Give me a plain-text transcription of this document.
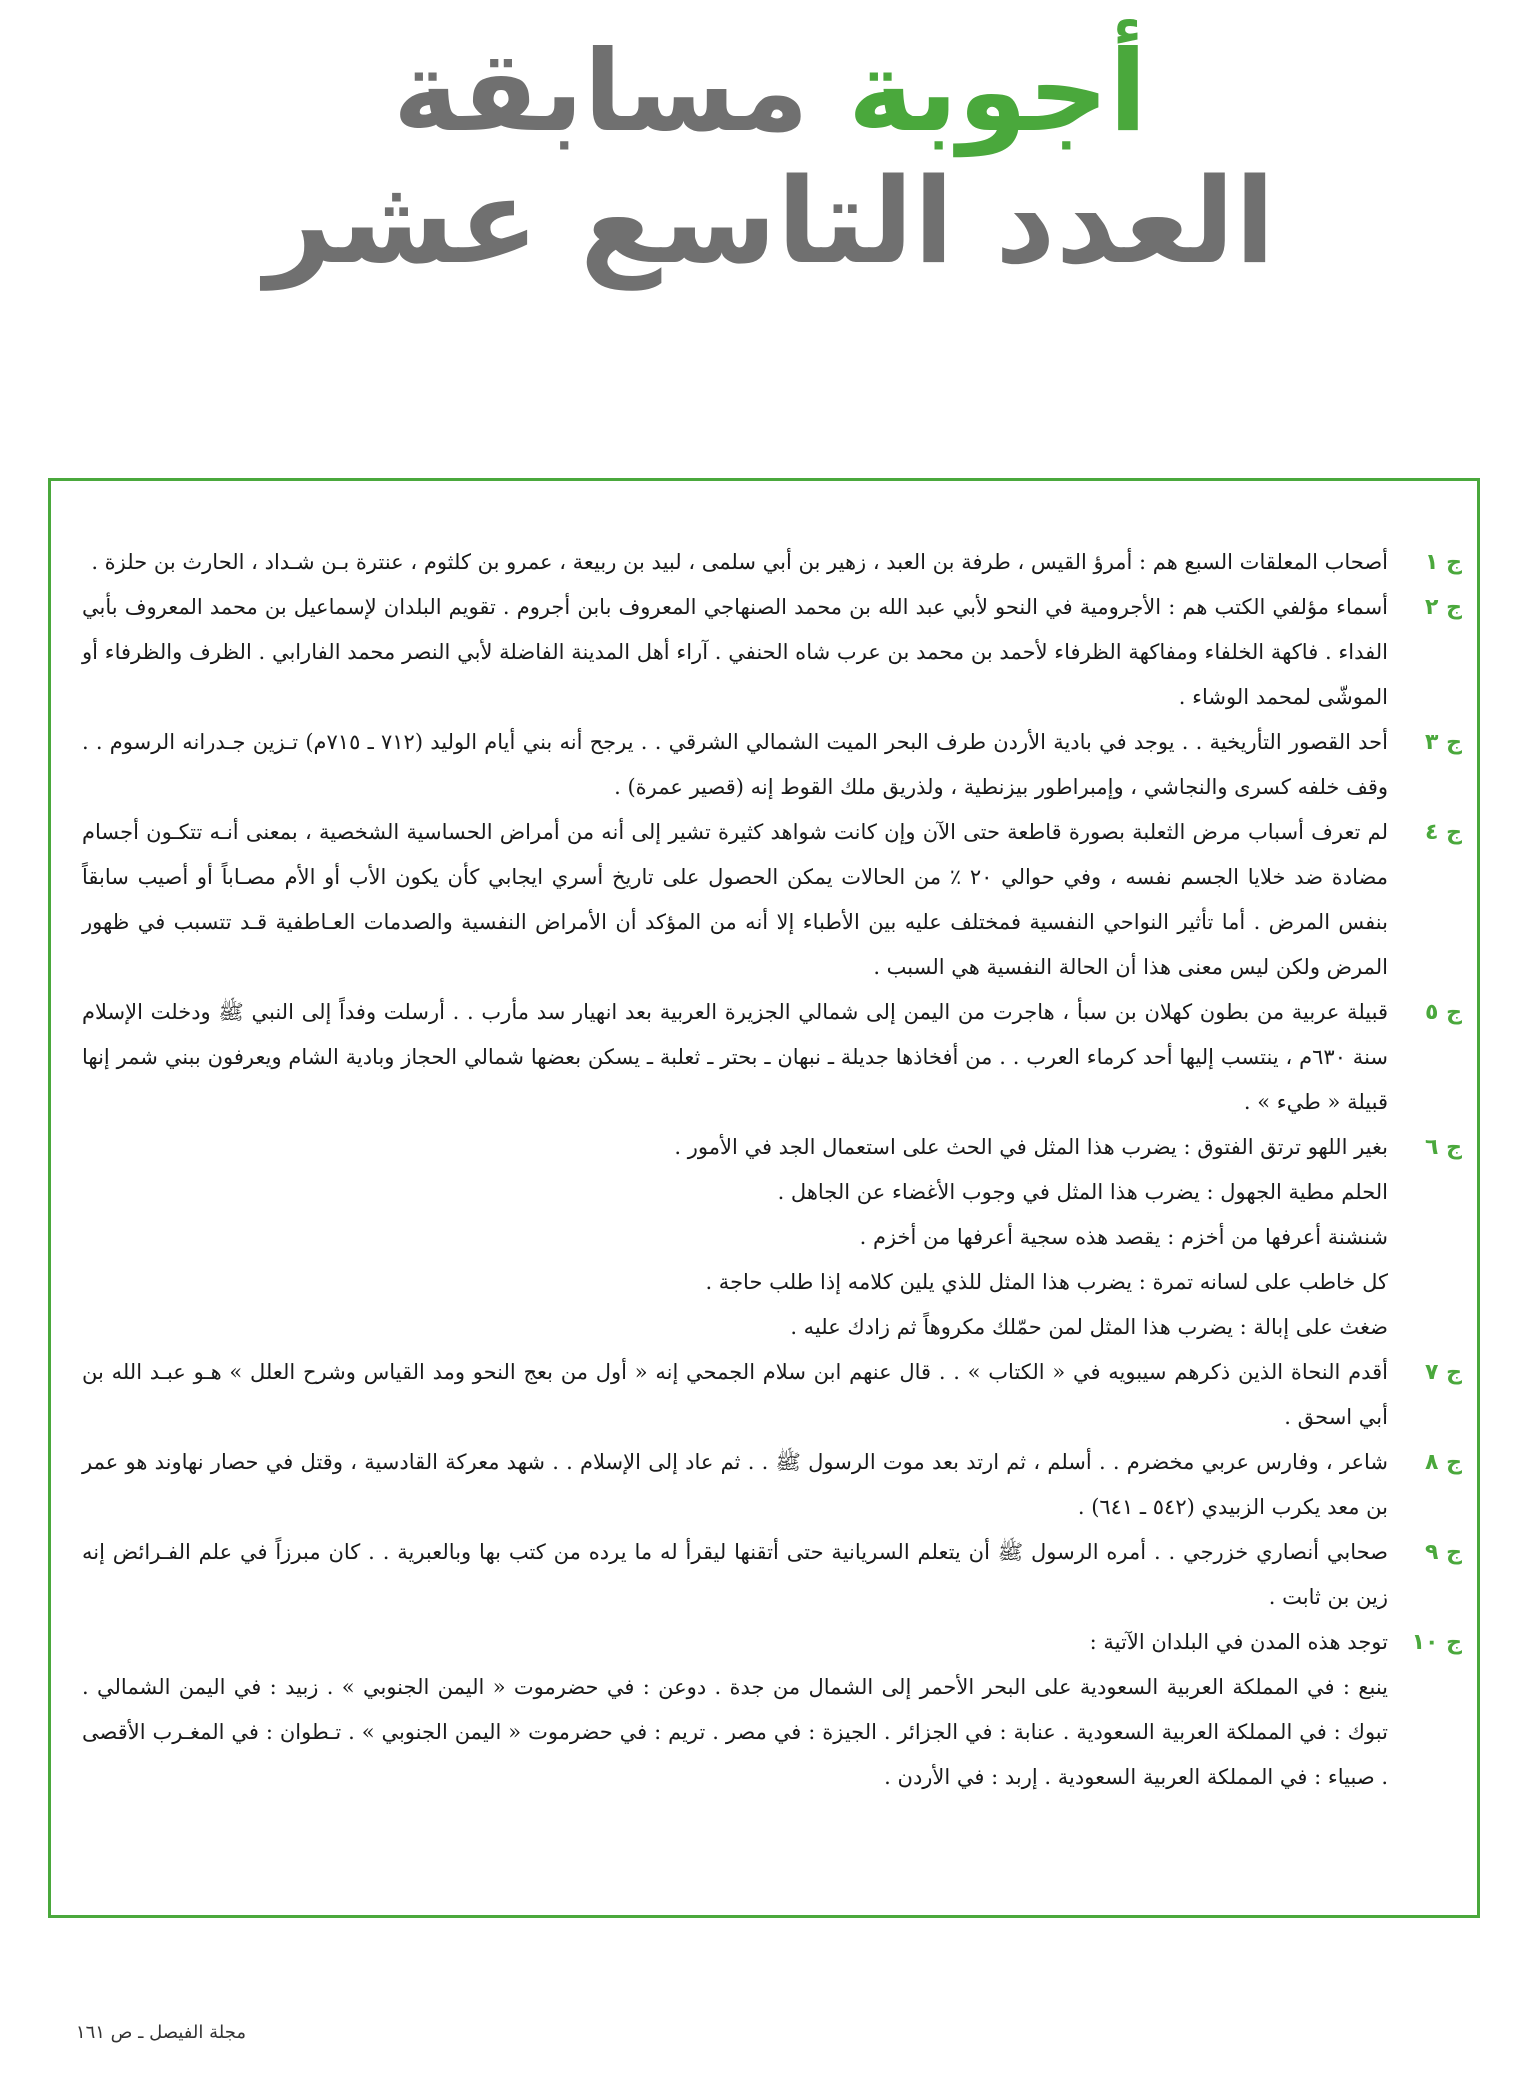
أجوبة مسابقة
العدد التاسع عشر
ج ١
أصحاب المعلقات السبع هم : أمرؤ القيس ، طرفة بن العبد ، زهير بن أبي سلمى ، لبيد بن ربيعة ، عمرو بن كلثوم ، عنترة بـن شـداد ، الحارث بن حلزة .
ج ٢
أسماء مؤلفي الكتب هم : الأجرومية في النحو لأبي عبد الله بن محمد الصنهاجي المعروف بابن أجروم . تقويم البلدان لإسماعيل بن محمد المعروف بأبي الفداء . فاكهة الخلفاء ومفاكهة الظرفاء لأحمد بن محمد بن عرب شاه الحنفي . آراء أهل المدينة الفاضلة لأبي النصر محمد الفارابي . الظرف والظرفاء أو الموشّى لمحمد الوشاء .
ج ٣
أحد القصور التأريخية . . يوجد في بادية الأردن طرف البحر الميت الشمالي الشرقي . . يرجح أنه بني أيام الوليد (٧١٢ ـ ٧١٥م) تـزين جـدرانه الرسوم . . وقف خلفه كسرى والنجاشي ، وإمبراطور بيزنطية ، ولذريق ملك القوط إنه (قصير عمرة) .
ج ٤
لم تعرف أسباب مرض الثعلبة بصورة قاطعة حتى الآن وإن كانت شواهد كثيرة تشير إلى أنه من أمراض الحساسية الشخصية ، بمعنى أنـه تتكـون أجسام مضادة ضد خلايا الجسم نفسه ، وفي حوالي ٢٠ ٪ من الحالات يمكن الحصول على تاريخ أسري ايجابي كأن يكون الأب أو الأم مصـاباً أو أصيب سابقاً بنفس المرض . أما تأثير النواحي النفسية فمختلف عليه بين الأطباء إلا أنه من المؤكد أن الأمراض النفسية والصدمات العـاطفية قـد تتسبب في ظهور المرض ولكن ليس معنى هذا أن الحالة النفسية هي السبب .
ج ٥
قبيلة عربية من بطون كهلان بن سبأ ، هاجرت من اليمن إلى شمالي الجزيرة العربية بعد انهيار سد مأرب . . أرسلت وفداً إلى النبي ﷺ ودخلت الإسلام سنة ٦٣٠م ، ينتسب إليها أحد كرماء العرب . . من أفخاذها جديلة ـ نبهان ـ بحتر ـ ثعلبة ـ يسكن بعضها شمالي الحجاز وبادية الشام ويعرفون ببني شمر إنها قبيلة « طيء » .
ج ٦
بغير اللهو ترتق الفتوق : يضرب هذا المثل في الحث على استعمال الجد في الأمور .
الحلم مطية الجهول : يضرب هذا المثل في وجوب الأغضاء عن الجاهل .
شنشنة أعرفها من أخزم : يقصد هذه سجية أعرفها من أخزم .
كل خاطب على لسانه تمرة : يضرب هذا المثل للذي يلين كلامه إذا طلب حاجة .
ضغث على إبالة : يضرب هذا المثل لمن حمّلك مكروهاً ثم زادك عليه .
ج ٧
أقدم النحاة الذين ذكرهم سيبويه في « الكتاب » . . قال عنهم ابن سلام الجمحي إنه « أول من بعج النحو ومد القياس وشرح العلل » هـو عبـد الله بن أبي اسحق .
ج ٨
شاعر ، وفارس عربي مخضرم . . أسلم ، ثم ارتد بعد موت الرسول ﷺ . . ثم عاد إلى الإسلام . . شهد معركة القادسية ، وقتل في حصار نهاوند هو عمر بن معد يكرب الزبيدي (٥٤٢ ـ ٦٤١) .
ج ٩
صحابي أنصاري خزرجي . . أمره الرسول ﷺ أن يتعلم السريانية حتى أتقنها ليقرأ له ما يرده من كتب بها وبالعبرية . . كان مبرزاً في علم الفـرائض إنه زين بن ثابت .
ج ١٠
توجد هذه المدن في البلدان الآتية :
ينبع : في المملكة العربية السعودية على البحر الأحمر إلى الشمال من جدة . دوعن : في حضرموت « اليمن الجنوبي » . زبيد : في اليمن الشمالي . تبوك : في المملكة العربية السعودية . عنابة : في الجزائر . الجيزة : في مصر . تريم : في حضرموت « اليمن الجنوبي » . تـطوان : في المغـرب الأقصى . صبياء : في المملكة العربية السعودية . إربد : في الأردن .
مجلة الفيصل ـ ص ١٦١
